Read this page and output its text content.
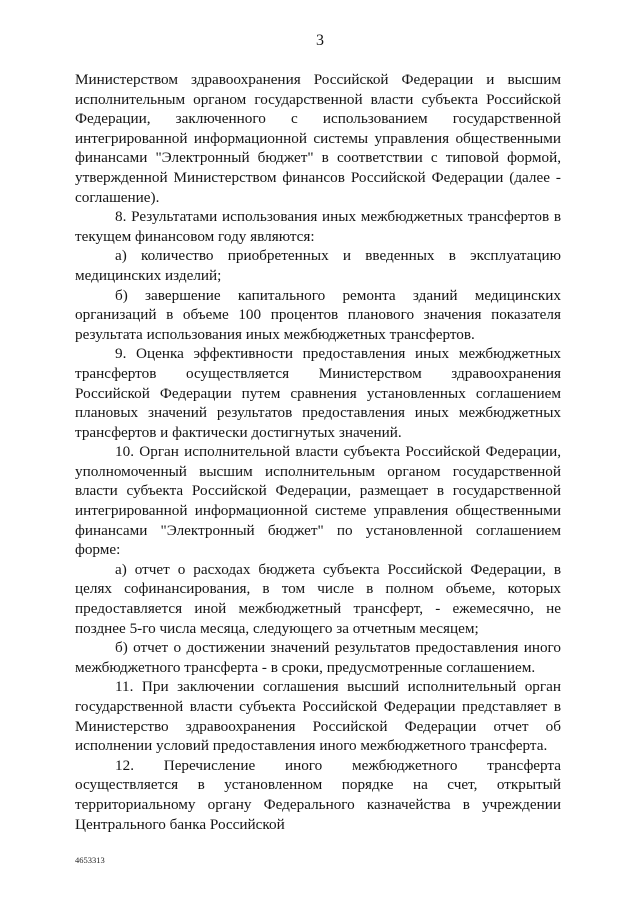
3

Министерством здравоохранения Российской Федерации и высшим исполнительным органом государственной власти субъекта Российской Федерации, заключенного с использованием государственной интегрированной информационной системы управления общественными финансами "Электронный бюджет" в соответствии с типовой формой, утвержденной Министерством финансов Российской Федерации (далее - соглашение).

8. Результатами использования иных межбюджетных трансфертов в текущем финансовом году являются:

а) количество приобретенных и введенных в эксплуатацию медицинских изделий;

б) завершение капитального ремонта зданий медицинских организаций в объеме 100 процентов планового значения показателя результата использования иных межбюджетных трансфертов.

9. Оценка эффективности предоставления иных межбюджетных трансфертов осуществляется Министерством здравоохранения Российской Федерации путем сравнения установленных соглашением плановых значений результатов предоставления иных межбюджетных трансфертов и фактически достигнутых значений.

10. Орган исполнительной власти субъекта Российской Федерации, уполномоченный высшим исполнительным органом государственной власти субъекта Российской Федерации, размещает в государственной интегрированной информационной системе управления общественными финансами "Электронный бюджет" по установленной соглашением форме:

а) отчет о расходах бюджета субъекта Российской Федерации, в целях софинансирования, в том числе в полном объеме, которых предоставляется иной межбюджетный трансферт, - ежемесячно, не позднее 5-го числа месяца, следующего за отчетным месяцем;

б) отчет о достижении значений результатов предоставления иного межбюджетного трансферта - в сроки, предусмотренные соглашением.

11. При заключении соглашения высший исполнительный орган государственной власти субъекта Российской Федерации представляет в Министерство здравоохранения Российской Федерации отчет об исполнении условий предоставления иного межбюджетного трансферта.

12. Перечисление иного межбюджетного трансферта осуществляется в установленном порядке на счет, открытый территориальному органу Федерального казначейства в учреждении Центрального банка Российской

4653313
